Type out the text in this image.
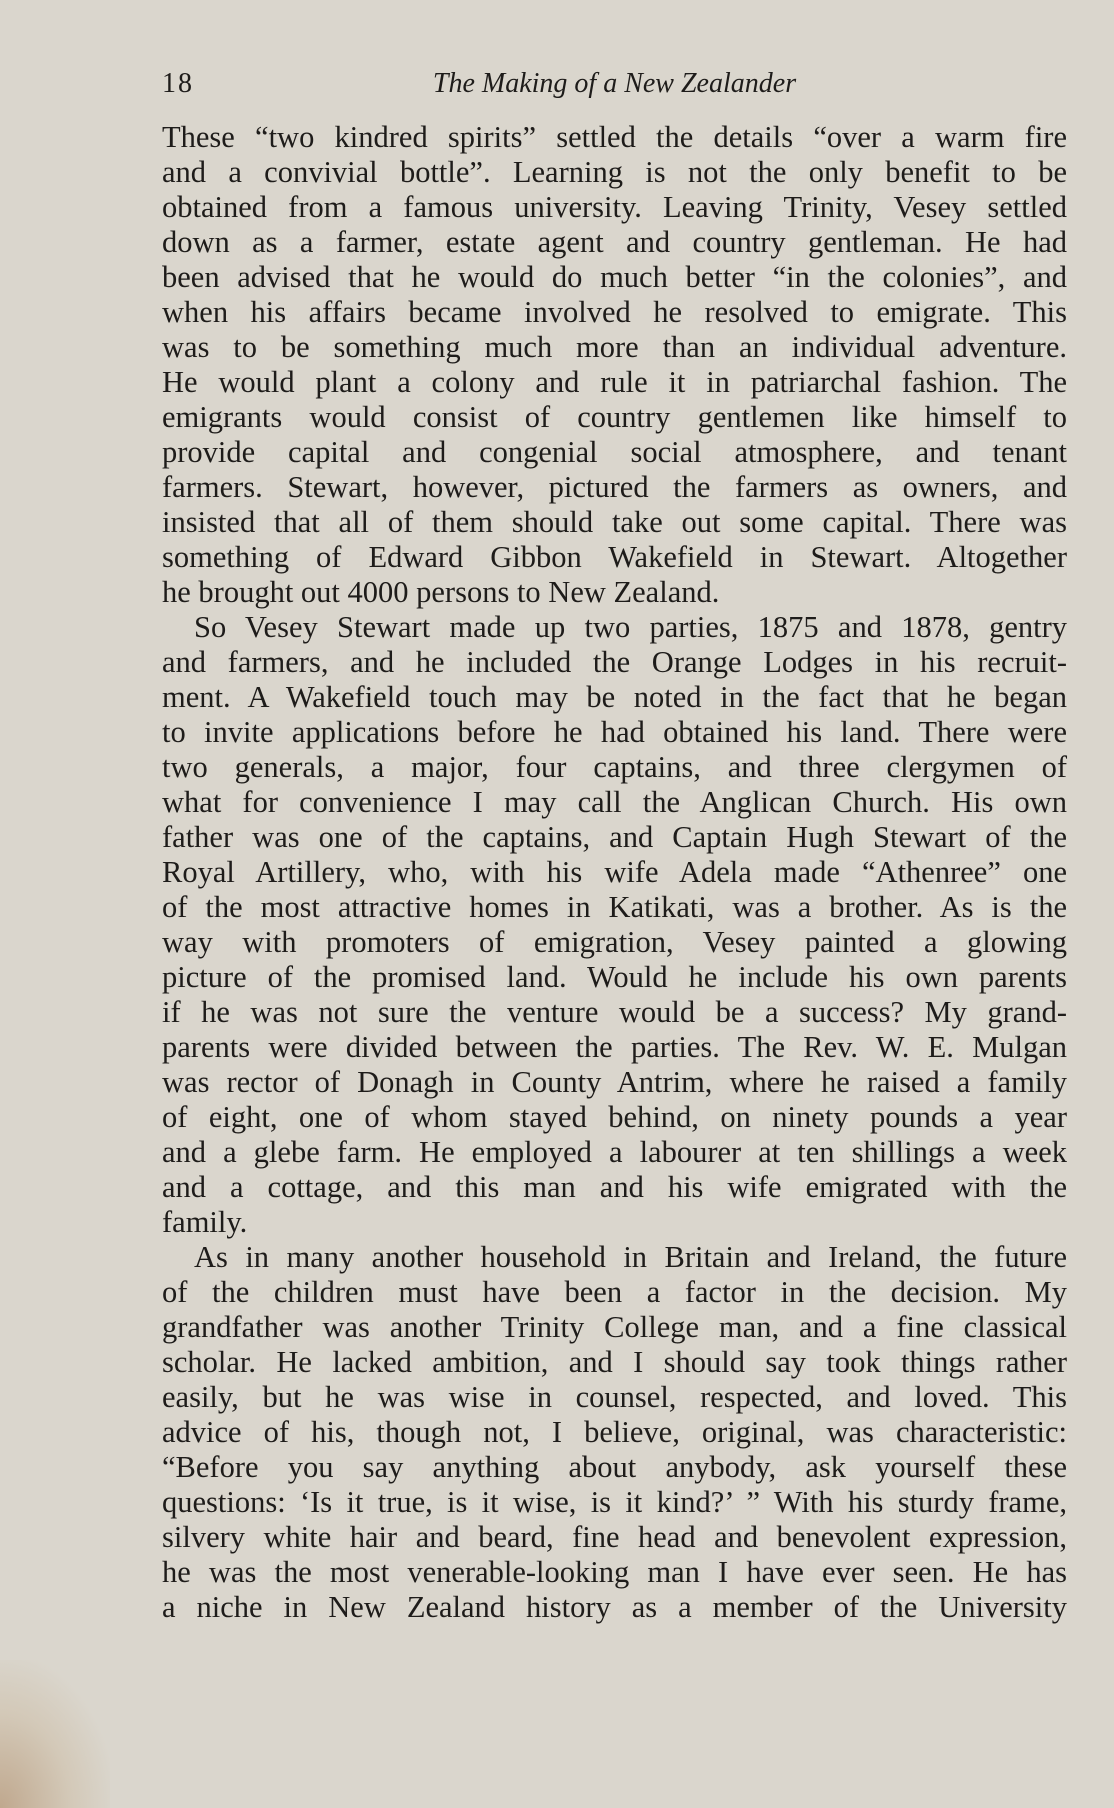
18	The Making of a New Zealander
These “two kindred spirits” settled the details “over a warm fire
and a convivial bottle”. Learning is not the only benefit to be
obtained from a famous university. Leaving Trinity, Vesey settled
down as a farmer, estate agent and country gentleman. He had
been advised that he would do much better “in the colonies”, and
when his affairs became involved he resolved to emigrate. This
was to be something much more than an individual adventure.
He would plant a colony and rule it in patriarchal fashion. The
emigrants would consist of country gentlemen like himself to
provide capital and congenial social atmosphere, and tenant
farmers. Stewart, however, pictured the farmers as owners, and
insisted that all of them should take out some capital. There was
something of Edward Gibbon Wakefield in Stewart. Altogether
he brought out 4000 persons to New Zealand.
So Vesey Stewart made up two parties, 1875 and 1878, gentry
and farmers, and he included the Orange Lodges in his recruit-
ment. A Wakefield touch may be noted in the fact that he began
to invite applications before he had obtained his land. There were
two generals, a major, four captains, and three clergymen of
what for convenience I may call the Anglican Church. His own
father was one of the captains, and Captain Hugh Stewart of the
Royal Artillery, who, with his wife Adela made “Athenree” one
of the most attractive homes in Katikati, was a brother. As is the
way with promoters of emigration, Vesey painted a glowing
picture of the promised land. Would he include his own parents
if he was not sure the venture would be a success? My grand-
parents were divided between the parties. The Rev. W. E. Mulgan
was rector of Donagh in County Antrim, where he raised a family
of eight, one of whom stayed behind, on ninety pounds a year
and a glebe farm. He employed a labourer at ten shillings a week
and a cottage, and this man and his wife emigrated with the
family.
As in many another household in Britain and Ireland, the future
of the children must have been a factor in the decision. My
grandfather was another Trinity College man, and a fine classical
scholar. He lacked ambition, and I should say took things rather
easily, but he was wise in counsel, respected, and loved. This
advice of his, though not, I believe, original, was characteristic:
“Before you say anything about anybody, ask yourself these
questions: ‘Is it true, is it wise, is it kind?’ ” With his sturdy frame,
silvery white hair and beard, fine head and benevolent expression,
he was the most venerable-looking man I have ever seen. He has
a niche in New Zealand history as a member of the University
